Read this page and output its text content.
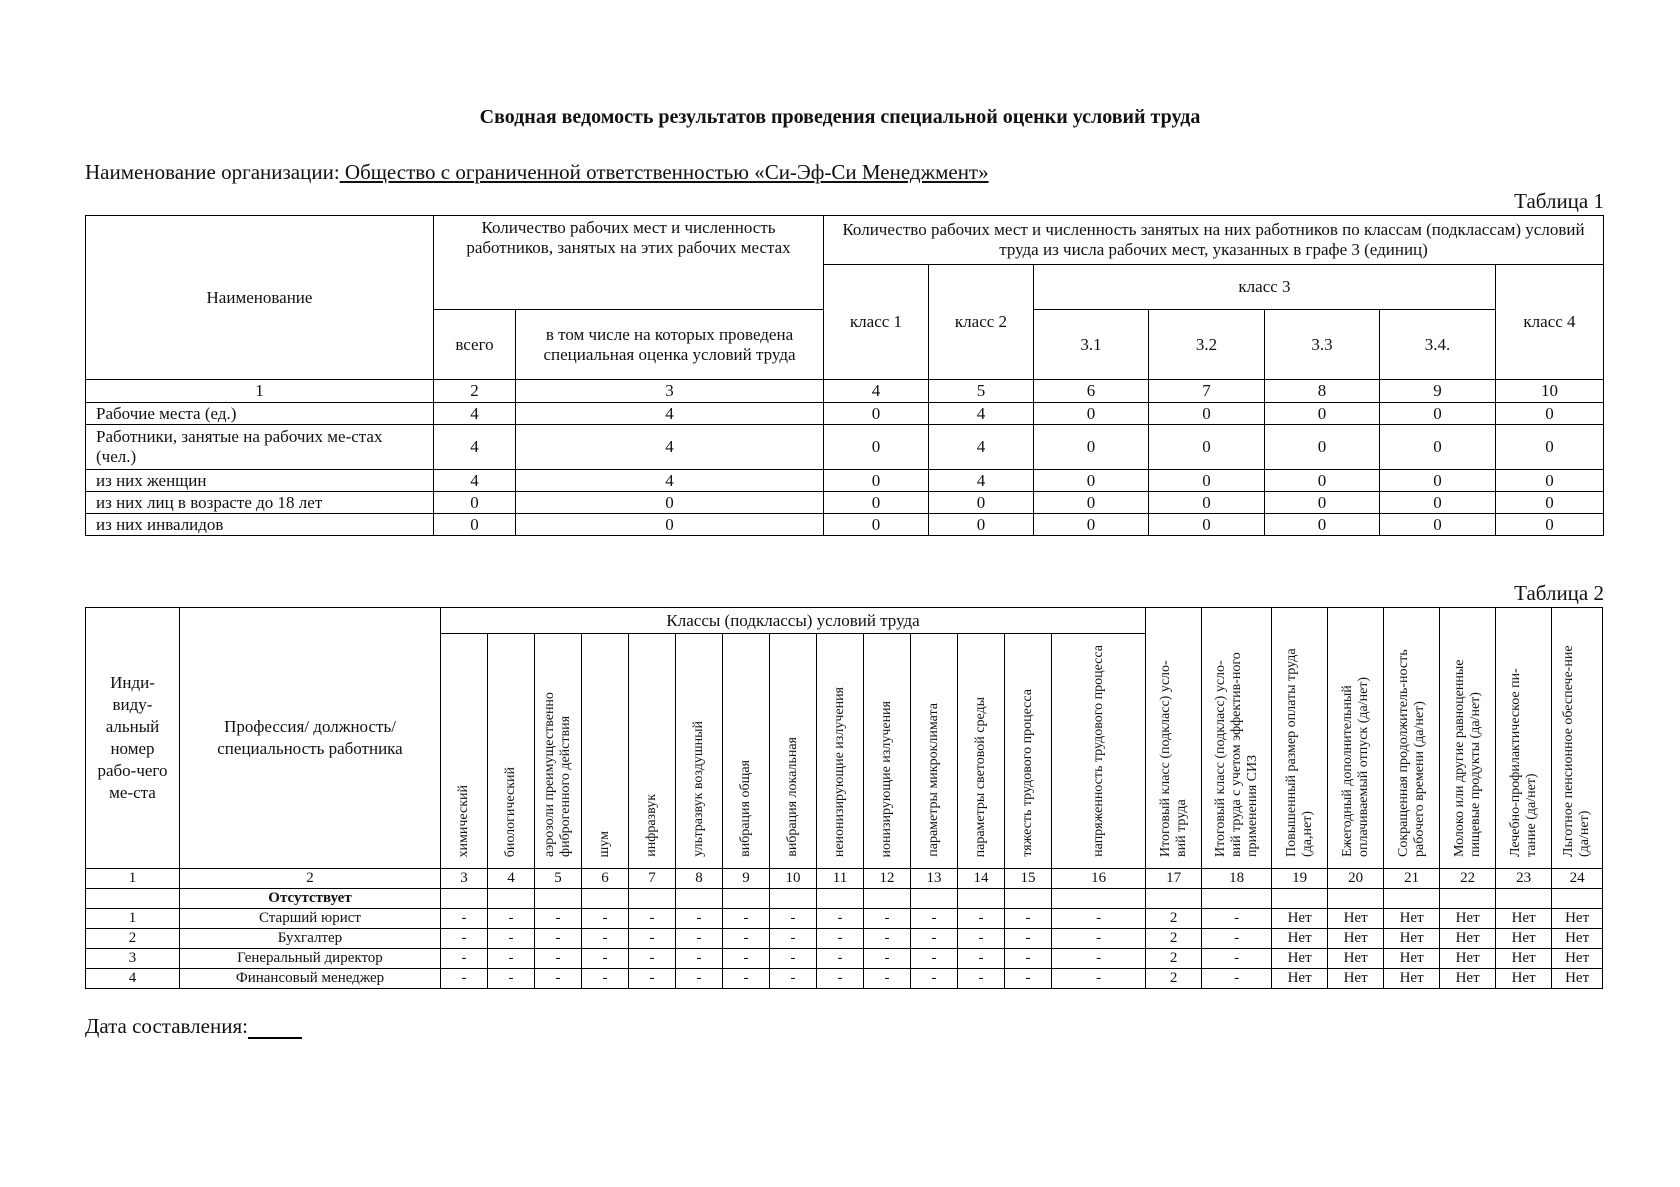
Сводная ведомость результатов проведения специальной оценки условий труда
Наименование организации: Общество с ограниченной ответственностью «Си-Эф-Си Менеджмент»
Таблица 1
Наименование	Количество рабочих мест и численность работников, занятых на этих рабочих местах		Количество рабочих мест и численность занятых на них работников по классам (подклассам) условий труда из числа рабочих мест, указанных в графе 3 (единиц)						
			класс 1	класс 2	класс 3				класс 4
	всего	в том числе на которых проведена специальная оценка условий труда			3.1	3.2	3.3	3.4.	
1	2	3	4	5	6	7	8	9	10
Рабочие места (ед.)	4	4	0	4	0	0	0	0	0
Работники, занятые на рабочих ме-стах (чел.)	4	4	0	4	0	0	0	0	0
из них женщин	4	4	0	4	0	0	0	0	0
из них лиц в возрасте до 18 лет	0	0	0	0	0	0	0	0	0
из них инвалидов	0	0	0	0	0	0	0	0	0
Таблица 2
Инди-виду-альный номер рабо-чего ме-ста	Профессия/ должность/ специальность работника	Классы (подклассы) условий труда														Итоговый класс (подкласс) усло-вий труда	Итоговый класс (подкласс) усло-вий труда с учетом эффектив-ного применения СИЗ	Повышенный размер оплаты труда (да,нет)	Ежегодный дополнительный оплачиваемый отпуск (да/нет)	Сокращенная продолжитель-ность рабочего времени (да/нет)	Молоко или другие равноценные пищевые продукты (да/нет)	Лечебно-профилактическое пи-тание (да/нет)	Льготное пенсионное обеспече-ние (да/нет)
		химический	биологический	аэрозоли преимущественно фиброгенного действия	шум	инфразвук	ультразвук воздушный	вибрация общая	вибрация локальная	неионизирующие излучения	ионизирующие излучения	параметры микроклимата	параметры световой среды	тяжесть трудового процесса	напряженность трудового процесса								
1	2	3	4	5	6	7	8	9	10	11	12	13	14	15	16	17	18	19	20	21	22	23	24
	Отсутствует																						
1	Старший юрист	-	-	-	-	-	-	-	-	-	-	-	-	-	-	2	-	Нет	Нет	Нет	Нет	Нет	Нет
2	Бухгалтер	-	-	-	-	-	-	-	-	-	-	-	-	-	-	2	-	Нет	Нет	Нет	Нет	Нет	Нет
3	Генеральный директор	-	-	-	-	-	-	-	-	-	-	-	-	-	-	2	-	Нет	Нет	Нет	Нет	Нет	Нет
4	Финансовый менеджер	-	-	-	-	-	-	-	-	-	-	-	-	-	-	2	-	Нет	Нет	Нет	Нет	Нет	Нет
Дата составления:
